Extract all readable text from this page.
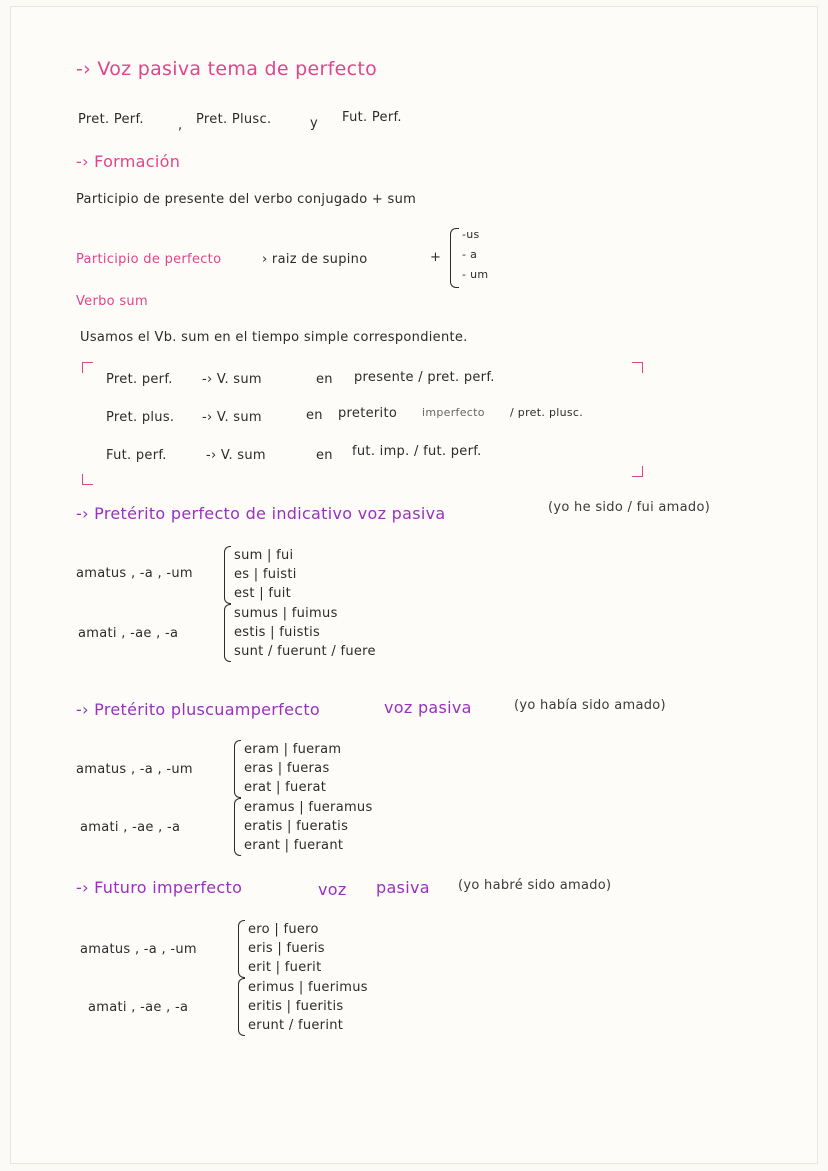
-› Voz pasiva tema de perfecto
Pret. Perf.	, Pret. Plusc.	y Fut. Perf.
-› Formación
Participio de presente del verbo conjugado + sum
Participio de perfecto	› raiz de supino	+
-us
- a
- um
Verbo sum
Usamos el Vb. sum en el tiempo simple correspondiente.
Pret. perf. -› V. sum	en presente / pret. perf.
Pret. plus. -› V. sum	en preterito imperfecto / pret. plusc.
Fut. perf.	-› V. sum	en fut. imp. / fut. perf.
-› Pretérito perfecto de indicativo voz pasiva	(yo he sido / fui amado)
amatus , -a , -um
sum | fui
es | fuisti
est | fuit
amati , -ae , -a
sumus | fuimus
estis | fuistis
sunt / fuerunt / fuere
-› Pretérito pluscuamperfecto	voz pasiva	(yo había sido amado)
amatus , -a , -um
eram | fueram
eras | fueras
erat | fuerat
amati , -ae , -a
eramus | fueramus
eratis | fueratis
erant | fuerant
-› Futuro imperfecto	voz pasiva (yo habré sido amado)
amatus , -a , -um
ero | fuero
eris | fueris
erit | fuerit
amati , -ae , -a
erimus | fuerimus
eritis | fueritis
erunt / fuerint
